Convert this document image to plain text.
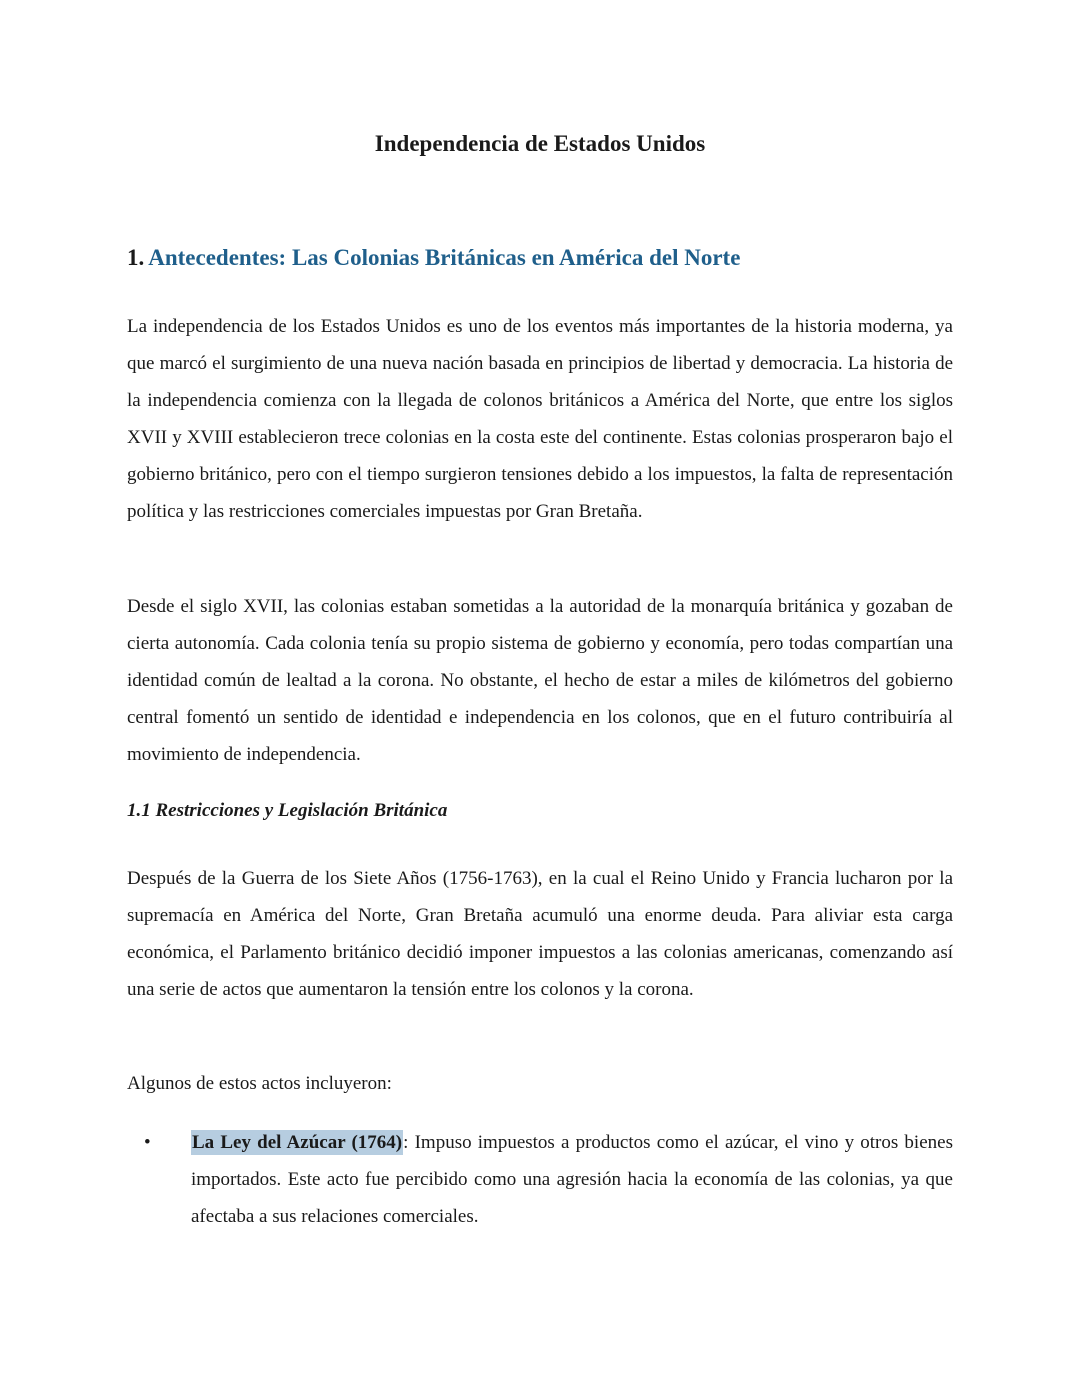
Independencia de Estados Unidos
1. Antecedentes: Las Colonias Británicas en América del Norte

La independencia de los Estados Unidos es uno de los eventos más importantes de la historia moderna, ya que marcó el surgimiento de una nueva nación basada en principios de libertad y democracia. La historia de la independencia comienza con la llegada de colonos británicos a América del Norte, que entre los siglos XVII y XVIII establecieron trece colonias en la costa este del continente. Estas colonias prosperaron bajo el gobierno británico, pero con el tiempo surgieron tensiones debido a los impuestos, la falta de representación política y las restricciones comerciales impuestas por Gran Bretaña.

Desde el siglo XVII, las colonias estaban sometidas a la autoridad de la monarquía británica y gozaban de cierta autonomía. Cada colonia tenía su propio sistema de gobierno y economía, pero todas compartían una identidad común de lealtad a la corona. No obstante, el hecho de estar a miles de kilómetros del gobierno central fomentó un sentido de identidad e independencia en los colonos, que en el futuro contribuiría al movimiento de independencia.

1.1 Restricciones y Legislación Británica

Después de la Guerra de los Siete Años (1756-1763), en la cual el Reino Unido y Francia lucharon por la supremacía en América del Norte, Gran Bretaña acumuló una enorme deuda. Para aliviar esta carga económica, el Parlamento británico decidió imponer impuestos a las colonias americanas, comenzando así una serie de actos que aumentaron la tensión entre los colonos y la corona.

Algunos de estos actos incluyeron:

• La Ley del Azúcar (1764): Impuso impuestos a productos como el azúcar, el vino y otros bienes importados. Este acto fue percibido como una agresión hacia la economía de las colonias, ya que afectaba a sus relaciones comerciales.
